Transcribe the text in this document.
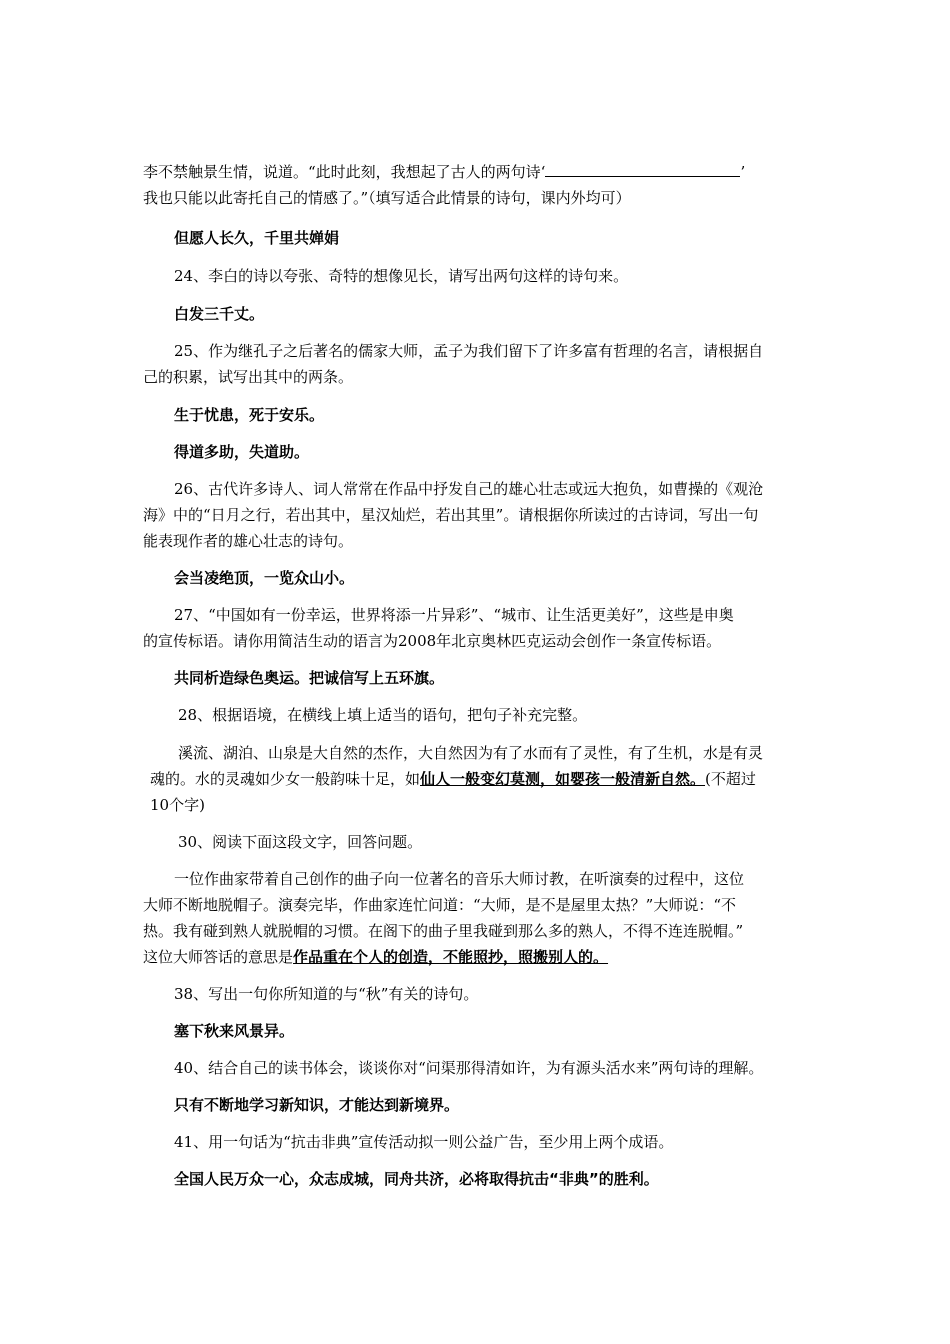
李不禁触景生情，说道。“此时此刻，我想起了古人的两句诗‘	’
我也只能以此寄托自己的情感了。”（填写适合此情景的诗句，课内外均可）
但愿人长久，千里共婵娟
24、李白的诗以夸张、奇特的想像见长，请写出两句这样的诗句来。
白发三千丈。
25、作为继孔子之后著名的儒家大师，孟子为我们留下了许多富有哲理的名言，请根据自
己的积累，试写出其中的两条。
生于忧患，死于安乐。
得道多助，失道助。
26、古代许多诗人、词人常常在作品中抒发自己的雄心壮志或远大抱负，如曹操的《观沧
海》中的“日月之行，若出其中，星汉灿烂，若出其里”。请根据你所读过的古诗词，写出一句
能表现作者的雄心壮志的诗句。
会当凌绝顶，一览众山小。
27、“中国如有一份幸运，世界将添一片异彩”、“城市、让生活更美好”，这些是申奥
的宣传标语。请你用简洁生动的语言为2008年北京奥林匹克运动会创作一条宣传标语。
共同析造绿色奥运。把诚信写上五环旗。
28、根据语境，在横线上填上适当的语句，把句子补充完整。
溪流、湖泊、山泉是大自然的杰作，大自然因为有了水而有了灵性，有了生机，水是有灵
魂的。水的灵魂如少女一般韵味十足，如仙人一般变幻莫测，如婴孩一般清新自然。(不超过
10个字)
30、阅读下面这段文字，回答问题。
一位作曲家带着自己创作的曲子向一位著名的音乐大师讨教，在听演奏的过程中，这位
大师不断地脱帽子。演奏完毕，作曲家连忙问道：“大师，是不是屋里太热？”大师说：“不
热。我有碰到熟人就脱帽的习惯。在阁下的曲子里我碰到那么多的熟人，不得不连连脱帽。”
这位大师答话的意思是作品重在个人的创造，不能照抄，照搬别人的。
38、写出一句你所知道的与“秋”有关的诗句。
塞下秋来风景异。
40、结合自己的读书体会，谈谈你对“问渠那得清如许，为有源头活水来”两句诗的理解。
只有不断地学习新知识，才能达到新境界。
41、用一句话为“抗击非典”宣传活动拟一则公益广告，至少用上两个成语。
全国人民万众一心，众志成城，同舟共济，必将取得抗击“非典”的胜利。
